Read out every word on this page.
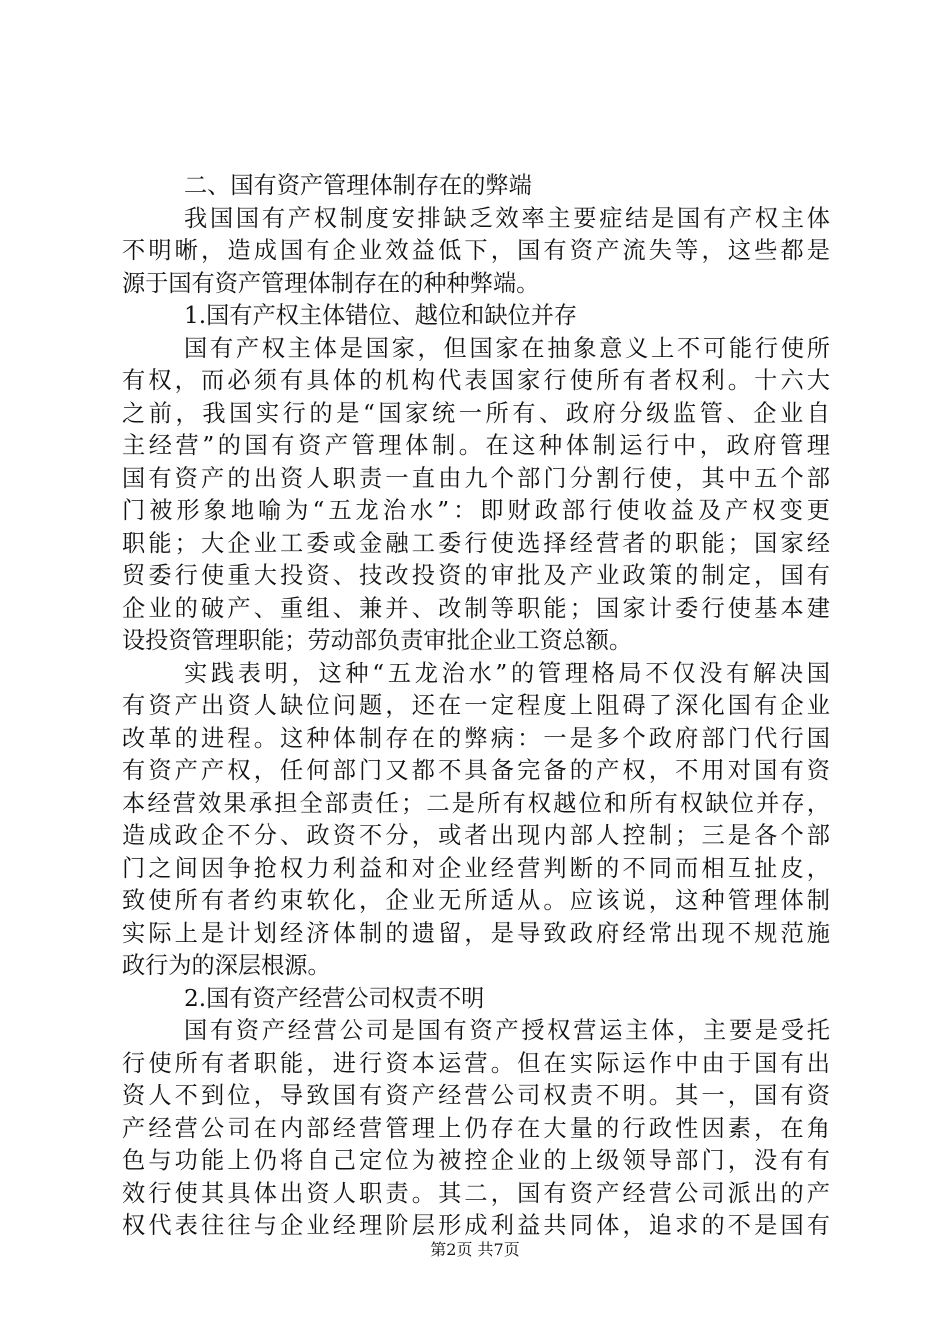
二、国有资产管理体制存在的弊端
我国国有产权制度安排缺乏效率主要症结是国有产权主体
不明晰，造成国有企业效益低下，国有资产流失等，这些都是
源于国有资产管理体制存在的种种弊端。
1.国有产权主体错位、越位和缺位并存
国有产权主体是国家，但国家在抽象意义上不可能行使所
有权，而必须有具体的机构代表国家行使所有者权利。十六大
之前，我国实行的是“国家统一所有、政府分级监管、企业自
主经营”的国有资产管理体制。在这种体制运行中，政府管理
国有资产的出资人职责一直由九个部门分割行使，其中五个部
门被形象地喻为“五龙治水”：即财政部行使收益及产权变更
职能；大企业工委或金融工委行使选择经营者的职能；国家经
贸委行使重大投资、技改投资的审批及产业政策的制定，国有
企业的破产、重组、兼并、改制等职能；国家计委行使基本建
设投资管理职能；劳动部负责审批企业工资总额。
实践表明，这种“五龙治水”的管理格局不仅没有解决国
有资产出资人缺位问题，还在一定程度上阻碍了深化国有企业
改革的进程。这种体制存在的弊病：一是多个政府部门代行国
有资产产权，任何部门又都不具备完备的产权，不用对国有资
本经营效果承担全部责任；二是所有权越位和所有权缺位并存，
造成政企不分、政资不分，或者出现内部人控制；三是各个部
门之间因争抢权力利益和对企业经营判断的不同而相互扯皮，
致使所有者约束软化，企业无所适从。应该说，这种管理体制
实际上是计划经济体制的遗留，是导致政府经常出现不规范施
政行为的深层根源。
2.国有资产经营公司权责不明
国有资产经营公司是国有资产授权营运主体，主要是受托
行使所有者职能，进行资本运营。但在实际运作中由于国有出
资人不到位，导致国有资产经营公司权责不明。其一，国有资
产经营公司在内部经营管理上仍存在大量的行政性因素，在角
色与功能上仍将自己定位为被控企业的上级领导部门，没有有
效行使其具体出资人职责。其二，国有资产经营公司派出的产
权代表往往与企业经理阶层形成利益共同体，追求的不是国有
第2页 共7页
